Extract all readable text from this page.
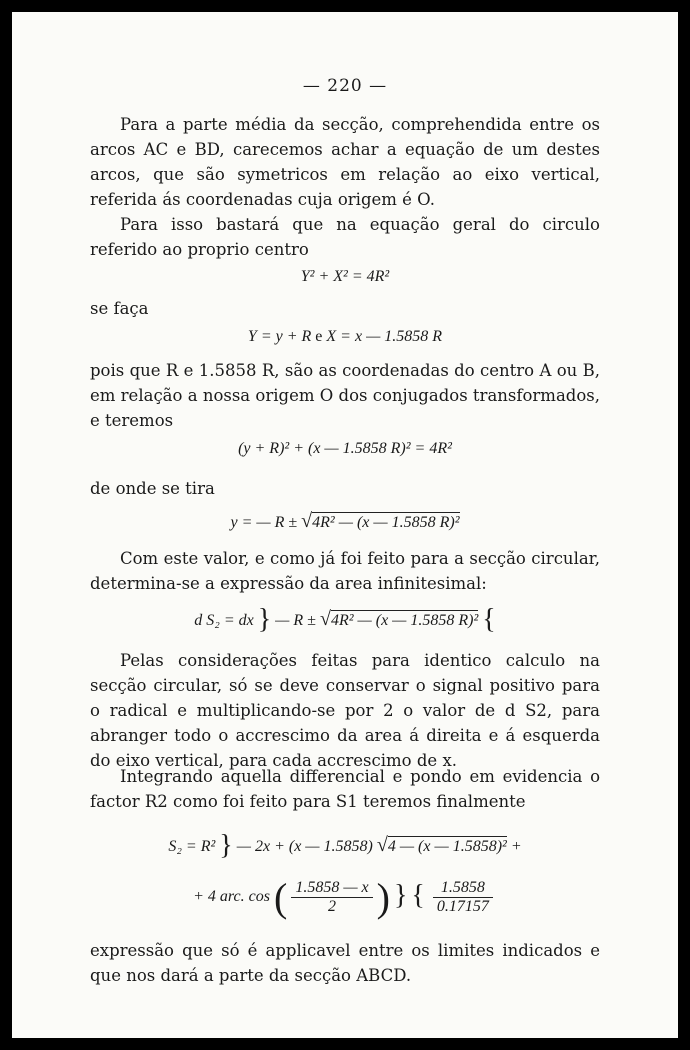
— 220 —
Para a parte média da secção, comprehendida entre os arcos AC e BD, carecemos achar a equação de um destes arcos, que são symetricos em relação ao eixo vertical, referida ás coordenadas cuja origem é O.
Para isso bastará que na equação geral do circulo referido ao proprio centro
Y² + X² = 4R²
se faça
Y = y + R e X = x — 1.5858 R
pois que R e 1.5858 R, são as coordenadas do centro A ou B, em relação a nossa origem O dos conjugados transformados, e teremos
(y + R)² + (x — 1.5858 R)² = 4R²
de onde se tira
y = — R ± √4R² — (x — 1.5858 R)²
Com este valor, e como já foi feito para a secção circular, determina-se a expressão da area infinitesimal:
d S₂ = dx } — R ± √4R² — (x — 1.5858 R)² {
Pelas considerações feitas para identico calculo na secção circular, só se deve conservar o signal positivo para o radical e multiplicando-se por 2 o valor de d S2, para abranger todo o accrescimo da area á direita e á esquerda do eixo vertical, para cada accrescimo de x.
Integrando aquella differencial e pondo em evidencia o factor R2 como foi feito para S1 teremos finalmente
S₂ = R² } — 2x + (x — 1.5858) √4 — (x — 1.5858)² +
+ 4 arc. cos ( $\frac{1.5858 — x}{2}$ ) } { $\frac{1.5858}{0.17157}$
expressão que só é applicavel entre os limites indicados e que nos dará a parte da secção ABCD.
